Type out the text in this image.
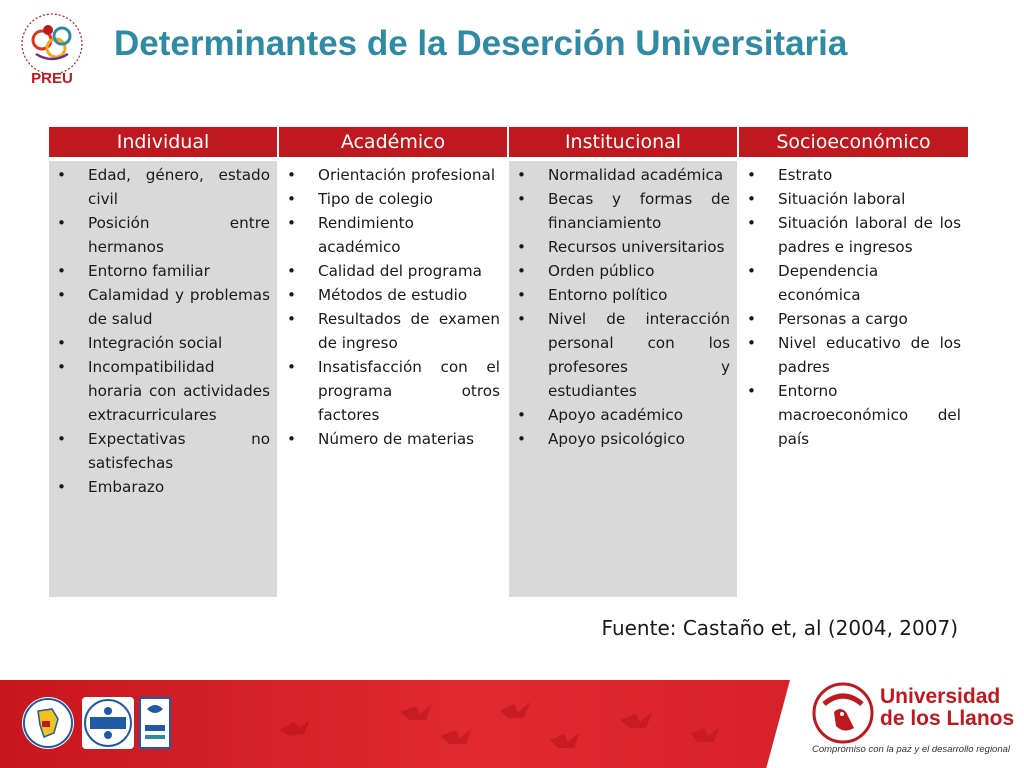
PREU
Determinantes de la Deserción Universitaria
Individual
• Edad, género, estado civil
• Posición entre hermanos
• Entorno familiar
• Calamidad y problemas de salud
• Integración social
• Incompatibilidad horaria con actividades extracurriculares
• Expectativas no satisfechas
• Embarazo
Académico
• Orientación profesional
• Tipo de colegio
• Rendimiento académico
• Calidad del programa
• Métodos de estudio
• Resultados de examen de ingreso
• Insatisfacción con el programa otros factores
• Número de materias
Institucional
• Normalidad académica
• Becas y formas de financiamiento
• Recursos universitarios
• Orden público
• Entorno político
• Nivel de interacción personal con los profesores y estudiantes
• Apoyo académico
• Apoyo psicológico
Socioeconómico
• Estrato
• Situación laboral
• Situación laboral de los padres e ingresos
• Dependencia económica
• Personas a cargo
• Nivel educativo de los padres
• Entorno macroeconómico del país
Fuente: Castaño et, al (2004, 2007)
Universidad de los Llanos
Compromiso con la paz y el desarrollo regional
